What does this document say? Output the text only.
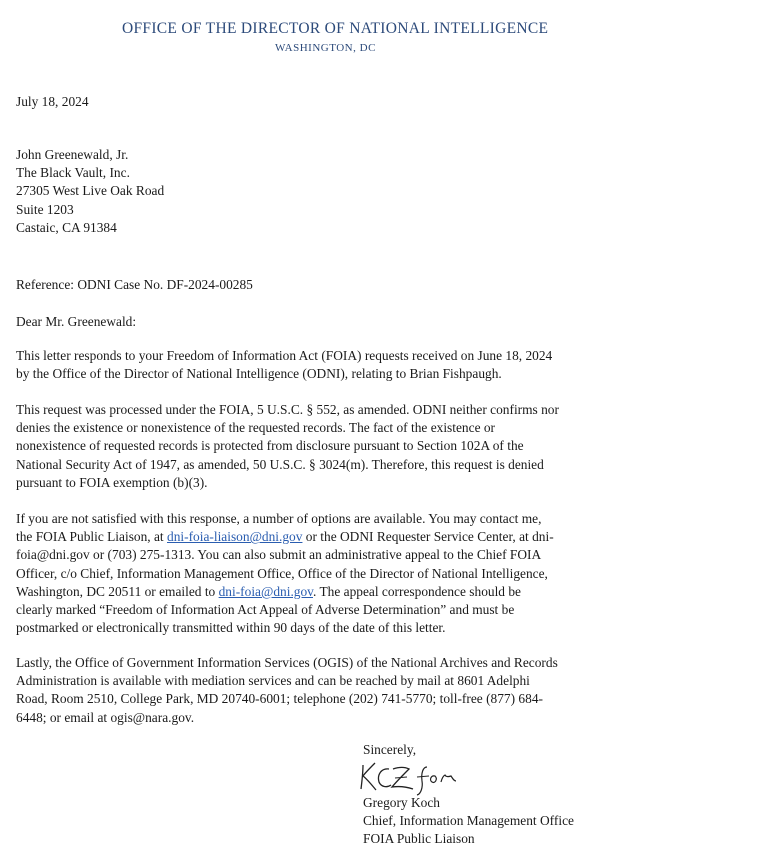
OFFICE OF THE DIRECTOR OF NATIONAL INTELLIGENCE
WASHINGTON, DC
July 18, 2024
John Greenewald, Jr.
The Black Vault, Inc.
27305 West Live Oak Road
Suite 1203
Castaic, CA 91384
Reference: ODNI Case No. DF-2024-00285
Dear Mr. Greenewald:
This letter responds to your Freedom of Information Act (FOIA) requests received on June 18, 2024
by the Office of the Director of National Intelligence (ODNI), relating to Brian Fishpaugh.
This request was processed under the FOIA, 5 U.S.C. § 552, as amended. ODNI neither confirms nor
denies the existence or nonexistence of the requested records. The fact of the existence or
nonexistence of requested records is protected from disclosure pursuant to Section 102A of the
National Security Act of 1947, as amended, 50 U.S.C. § 3024(m). Therefore, this request is denied
pursuant to FOIA exemption (b)(3).
If you are not satisfied with this response, a number of options are available. You may contact me,
the FOIA Public Liaison, at dni-foia-liaison@dni.gov or the ODNI Requester Service Center, at dni-
foia@dni.gov or (703) 275-1313. You can also submit an administrative appeal to the Chief FOIA
Officer, c/o Chief, Information Management Office, Office of the Director of National Intelligence,
Washington, DC 20511 or emailed to dni-foia@dni.gov. The appeal correspondence should be
clearly marked “Freedom of Information Act Appeal of Adverse Determination” and must be
postmarked or electronically transmitted within 90 days of the date of this letter.
Lastly, the Office of Government Information Services (OGIS) of the National Archives and Records
Administration is available with mediation services and can be reached by mail at 8601 Adelphi
Road, Room 2510, College Park, MD 20740-6001; telephone (202) 741-5770; toll-free (877) 684-
6448; or email at ogis@nara.gov.
Sincerely,
Gregory Koch
Chief, Information Management Office
FOIA Public Liaison
